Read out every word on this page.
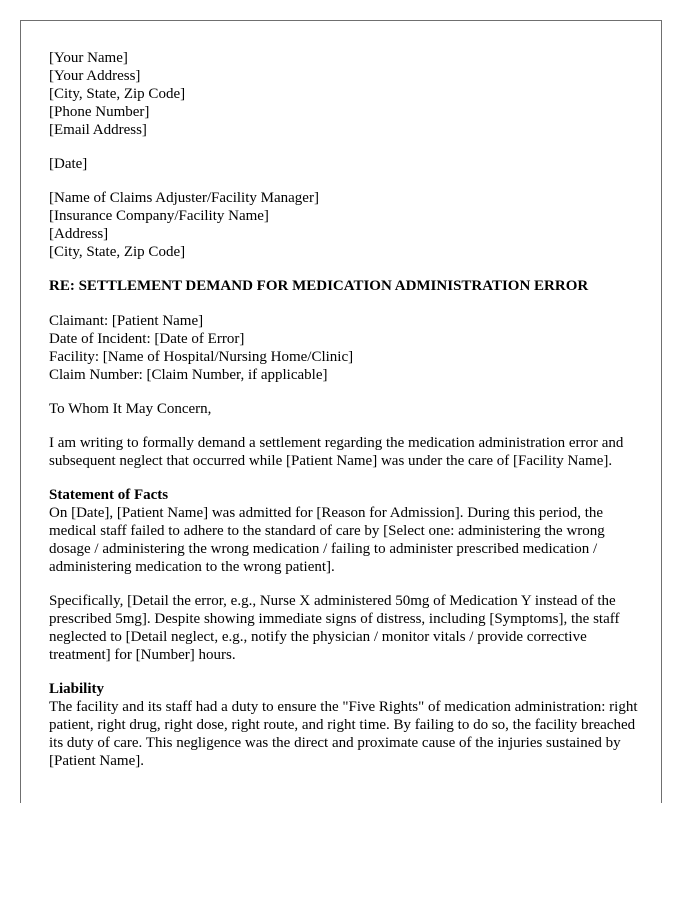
[Your Name]
[Your Address]
[City, State, Zip Code]
[Phone Number]
[Email Address]
[Date]
[Name of Claims Adjuster/Facility Manager]
[Insurance Company/Facility Name]
[Address]
[City, State, Zip Code]
RE: SETTLEMENT DEMAND FOR MEDICATION ADMINISTRATION ERROR
Claimant: [Patient Name]
Date of Incident: [Date of Error]
Facility: [Name of Hospital/Nursing Home/Clinic]
Claim Number: [Claim Number, if applicable]

To Whom It May Concern,

I am writing to formally demand a settlement regarding the medication administration error and subsequent neglect that occurred while [Patient Name] was under the care of [Facility Name].

Statement of Facts

On [Date], [Patient Name] was admitted for [Reason for Admission]. During this period, the medical staff failed to adhere to the standard of care by [Select one: administering the wrong dosage / administering the wrong medication / failing to administer prescribed medication / administering medication to the wrong patient].

Specifically, [Detail the error, e.g., Nurse X administered 50mg of Medication Y instead of the prescribed 5mg]. Despite showing immediate signs of distress, including [Symptoms], the staff neglected to [Detail neglect, e.g., notify the physician / monitor vitals / provide corrective treatment] for [Number] hours.

Liability

The facility and its staff had a duty to ensure the "Five Rights" of medication administration: right patient, right drug, right dose, right route, and right time. By failing to do so, the facility breached its duty of care. This negligence was the direct and proximate cause of the injuries sustained by [Patient Name].
